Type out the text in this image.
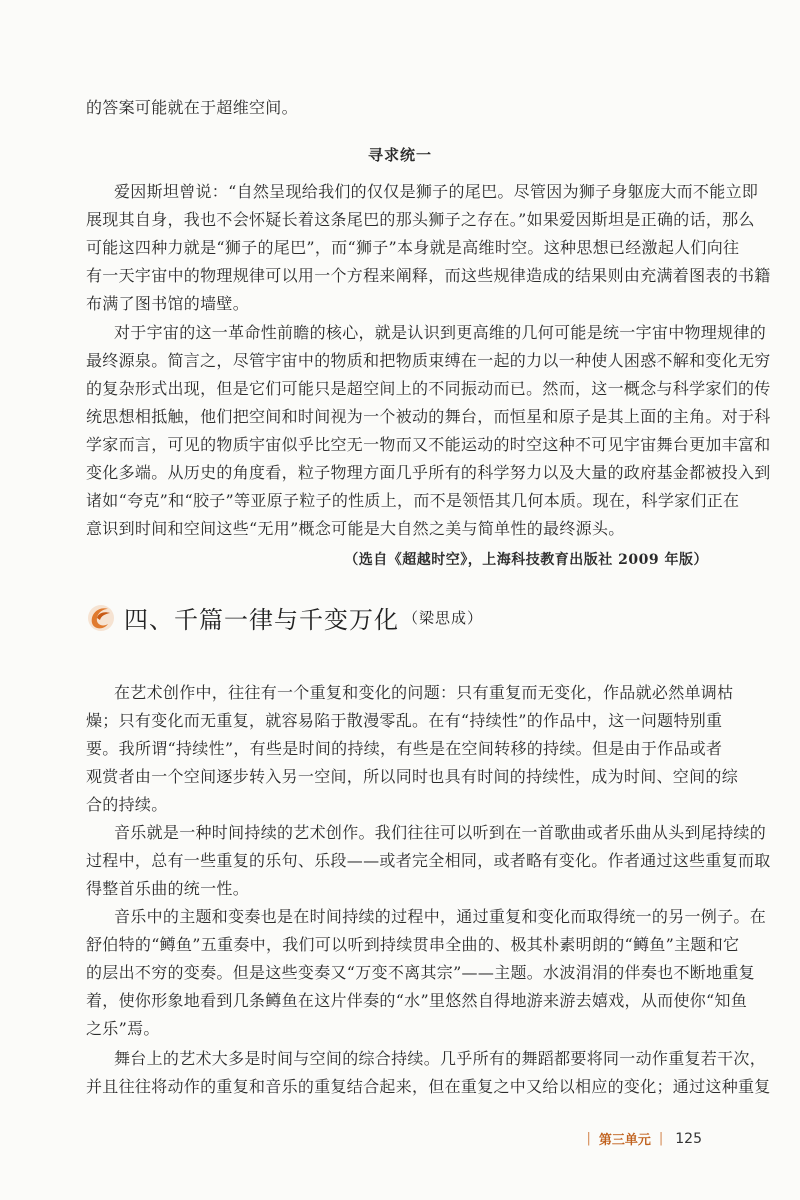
的答案可能就在于超维空间。
寻求统一
爱因斯坦曾说：“自然呈现给我们的仅仅是狮子的尾巴。尽管因为狮子身躯庞大而不能立即
展现其自身，我也不会怀疑长着这条尾巴的那头狮子之存在。”如果爱因斯坦是正确的话，那么
可能这四种力就是“狮子的尾巴”，而“狮子”本身就是高维时空。这种思想已经激起人们向往
有一天宇宙中的物理规律可以用一个方程来阐释，而这些规律造成的结果则由充满着图表的书籍
布满了图书馆的墙壁。
对于宇宙的这一革命性前瞻的核心，就是认识到更高维的几何可能是统一宇宙中物理规律的
最终源泉。简言之，尽管宇宙中的物质和把物质束缚在一起的力以一种使人困惑不解和变化无穷
的复杂形式出现，但是它们可能只是超空间上的不同振动而已。然而，这一概念与科学家们的传
统思想相抵触，他们把空间和时间视为一个被动的舞台，而恒星和原子是其上面的主角。对于科
学家而言，可见的物质宇宙似乎比空无一物而又不能运动的时空这种不可见宇宙舞台更加丰富和
变化多端。从历史的角度看，粒子物理方面几乎所有的科学努力以及大量的政府基金都被投入到
诸如“夸克”和“胶子”等亚原子粒子的性质上，而不是领悟其几何本质。现在，科学家们正在
意识到时间和空间这些“无用”概念可能是大自然之美与简单性的最终源头。
（选自《超越时空》，上海科技教育出版社 2009 年版）
四、千篇一律与千变万化 （梁思成）
在艺术创作中，往往有一个重复和变化的问题：只有重复而无变化，作品就必然单调枯
燥；只有变化而无重复，就容易陷于散漫零乱。在有“持续性”的作品中，这一问题特别重
要。我所谓“持续性”，有些是时间的持续，有些是在空间转移的持续。但是由于作品或者
观赏者由一个空间逐步转入另一空间，所以同时也具有时间的持续性，成为时间、空间的综
合的持续。
音乐就是一种时间持续的艺术创作。我们往往可以听到在一首歌曲或者乐曲从头到尾持续的
过程中，总有一些重复的乐句、乐段——或者完全相同，或者略有变化。作者通过这些重复而取
得整首乐曲的统一性。
音乐中的主题和变奏也是在时间持续的过程中，通过重复和变化而取得统一的另一例子。在
舒伯特的“鳟鱼”五重奏中，我们可以听到持续贯串全曲的、极其朴素明朗的“鳟鱼”主题和它
的层出不穷的变奏。但是这些变奏又“万变不离其宗”——主题。水波涓涓的伴奏也不断地重复
着，使你形象地看到几条鳟鱼在这片伴奏的“水”里悠然自得地游来游去嬉戏，从而使你“知鱼
之乐”焉。
舞台上的艺术大多是时间与空间的综合持续。几乎所有的舞蹈都要将同一动作重复若干次，
并且往往将动作的重复和音乐的重复结合起来，但在重复之中又给以相应的变化；通过这种重复
| 第三单元 | 125
